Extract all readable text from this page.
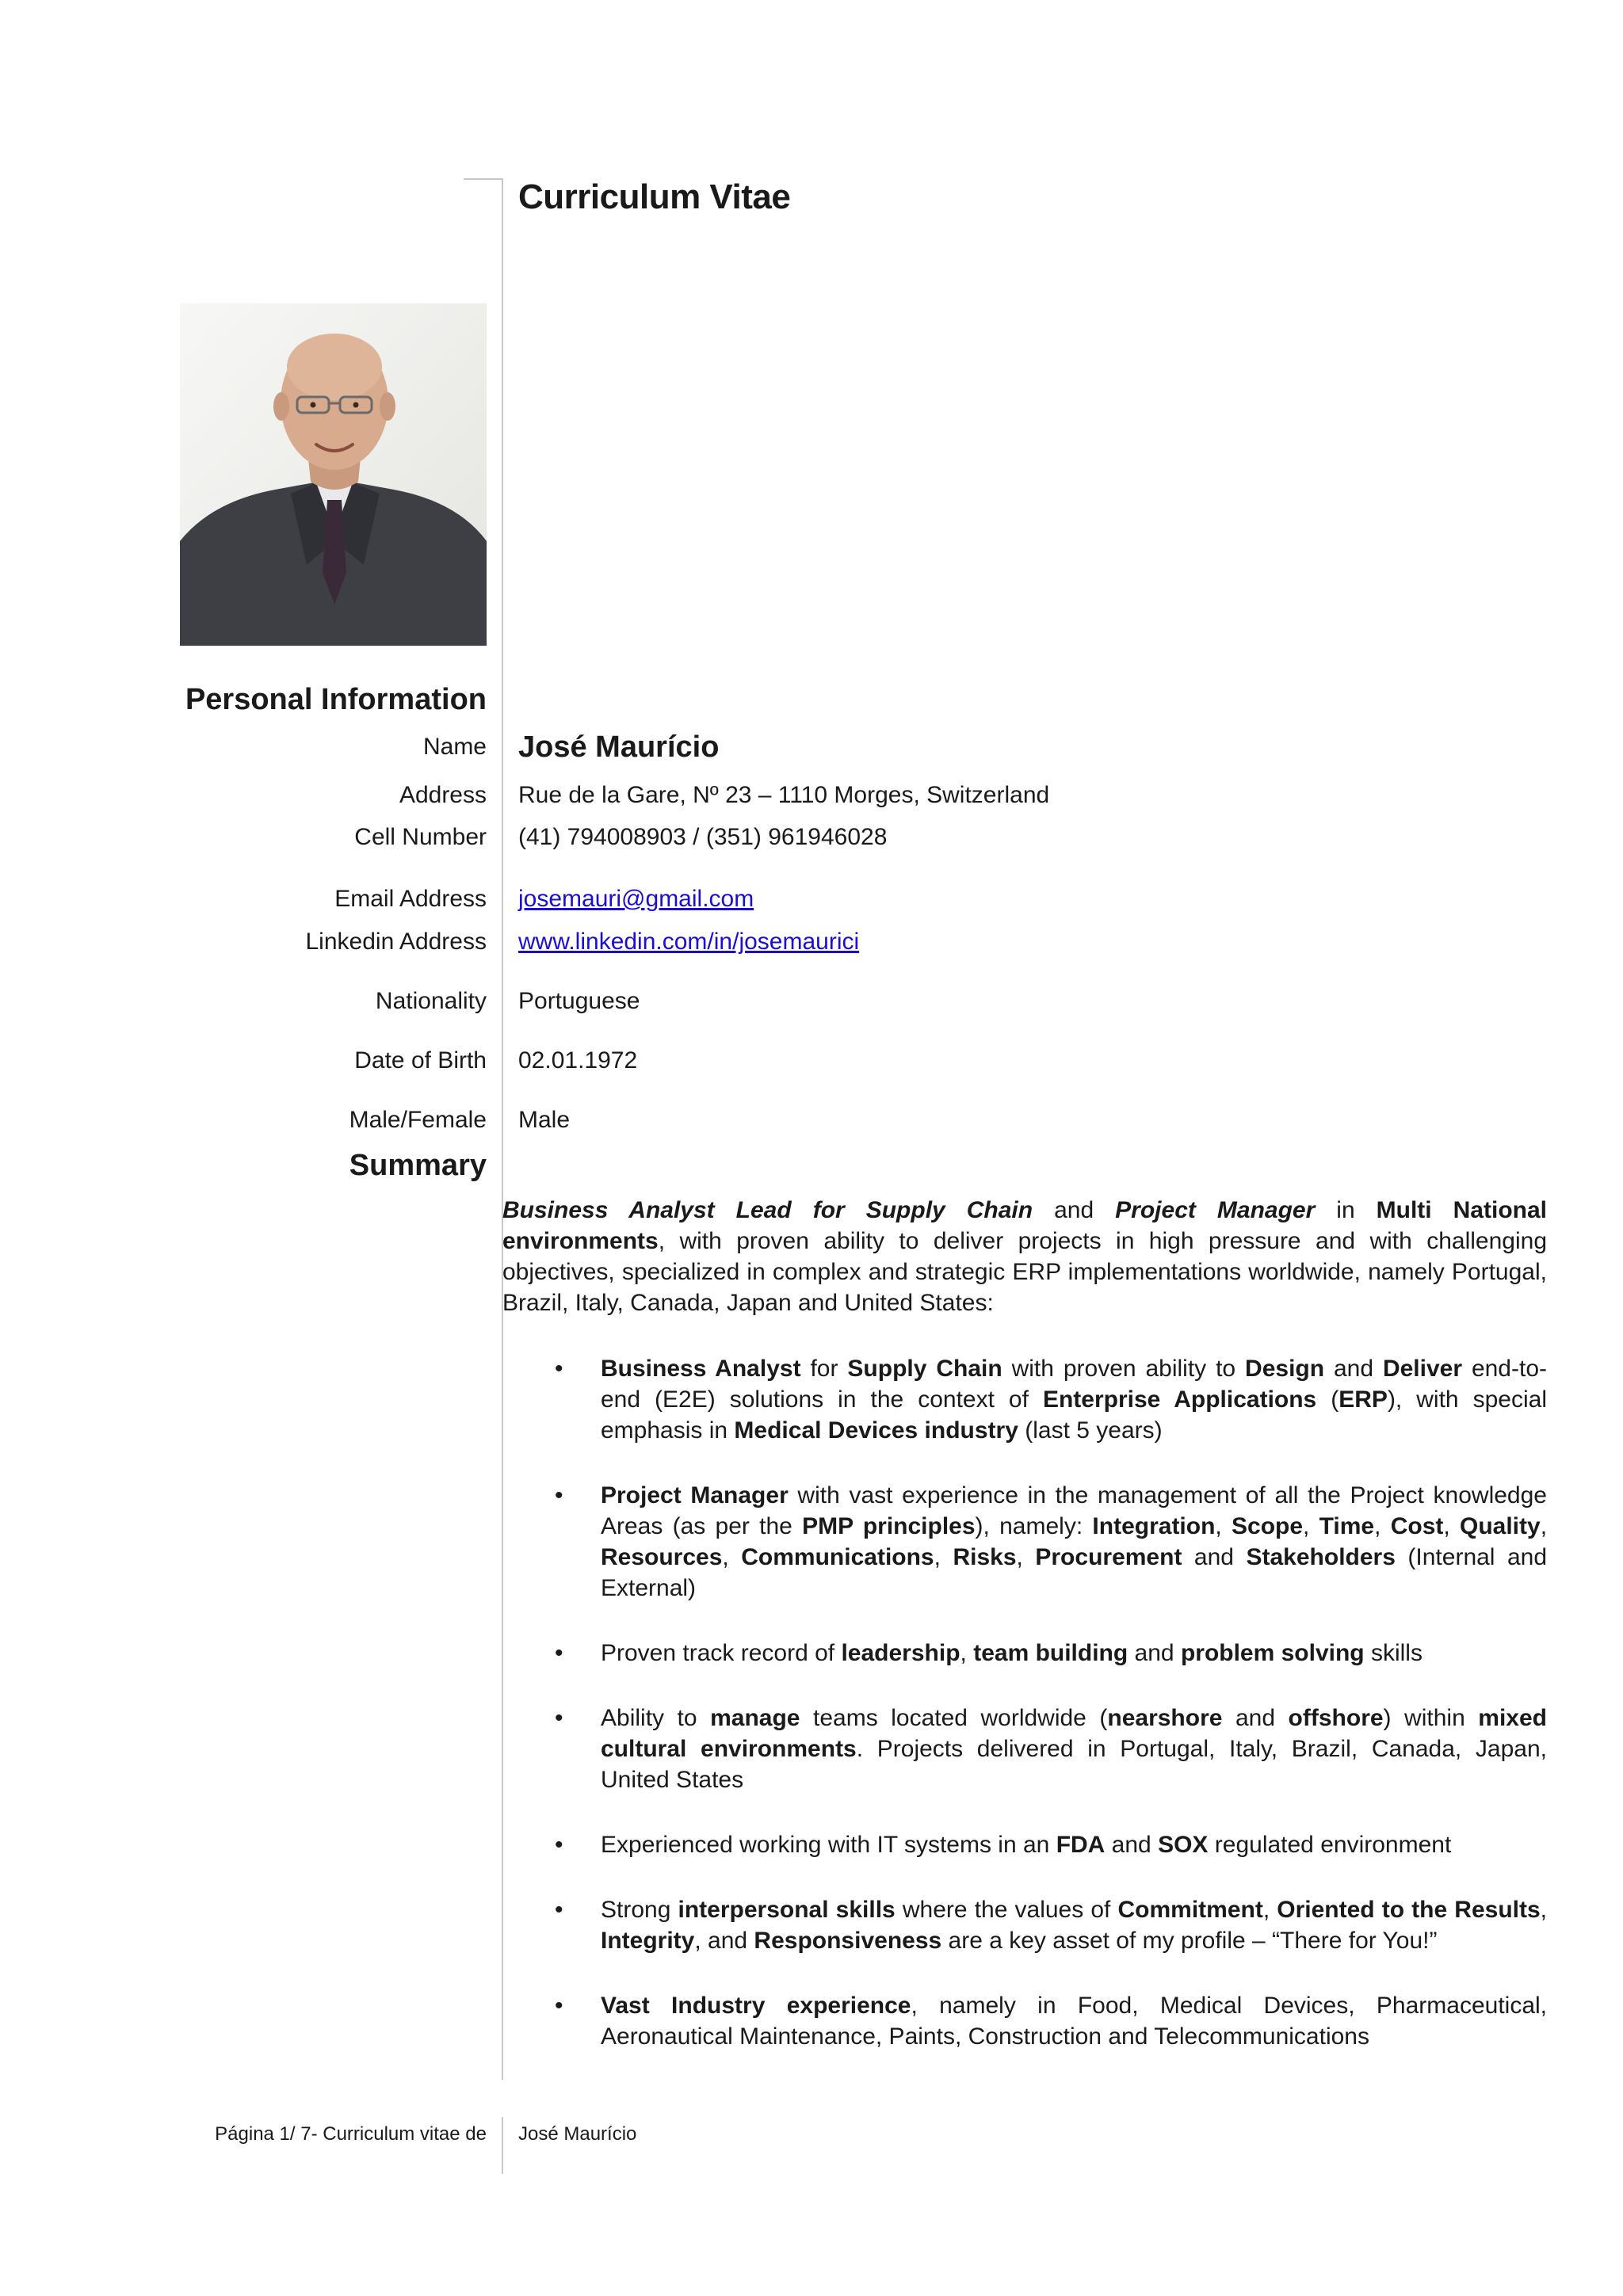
Curriculum Vitae
Personal Information
Name José Maurício
Address Rue de la Gare, Nº 23 – 1110 Morges, Switzerland
Cell Number (41) 794008903 / (351) 961946028
Email Address josemauri@gmail.com
Linkedin Address www.linkedin.com/in/josemaurici
Nationality Portuguese
Date of Birth 02.01.1972
Male/Female Male
Summary
Business Analyst Lead for Supply Chain and Project Manager in Multi National environments, with proven ability to deliver projects in high pressure and with challenging objectives, specialized in complex and strategic ERP implementations worldwide, namely Portugal, Brazil, Italy, Canada, Japan and United States:
• Business Analyst for Supply Chain with proven ability to Design and Deliver end-to-end (E2E) solutions in the context of Enterprise Applications (ERP), with special emphasis in Medical Devices industry (last 5 years)
• Project Manager with vast experience in the management of all the Project knowledge Areas (as per the PMP principles), namely: Integration, Scope, Time, Cost, Quality, Resources, Communications, Risks, Procurement and Stakeholders (Internal and External)
• Proven track record of leadership, team building and problem solving skills
• Ability to manage teams located worldwide (nearshore and offshore) within mixed cultural environments. Projects delivered in Portugal, Italy, Brazil, Canada, Japan, United States
• Experienced working with IT systems in an FDA and SOX regulated environment
• Strong interpersonal skills where the values of Commitment, Oriented to the Results, Integrity, and Responsiveness are a key asset of my profile – “There for You!”
• Vast Industry experience, namely in Food, Medical Devices, Pharmaceutical, Aeronautical Maintenance, Paints, Construction and Telecommunications
Página 1/ 7- Curriculum vitae de José Maurício
